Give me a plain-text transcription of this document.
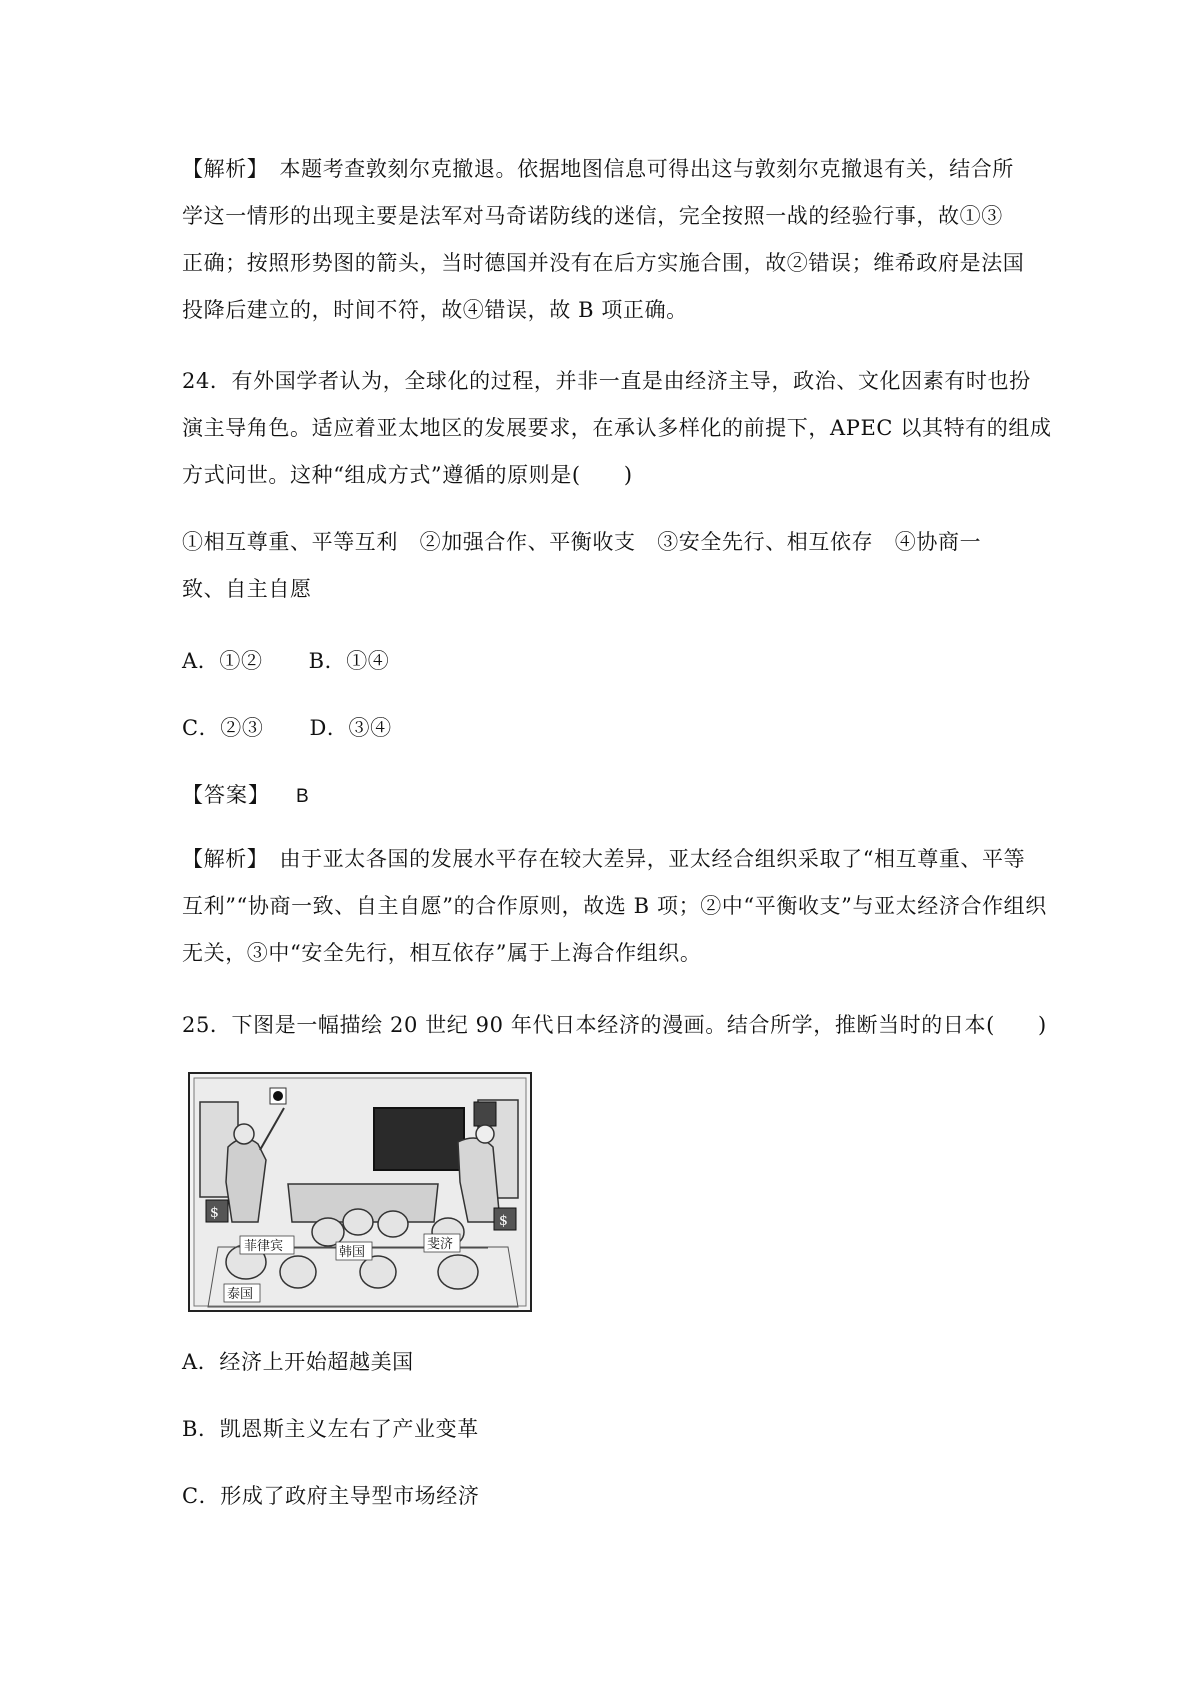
【解析】　本题考查敦刻尔克撤退。依据地图信息可得出这与敦刻尔克撤退有关，结合所
学这一情形的出现主要是法军对马奇诺防线的迷信，完全按照一战的经验行事，故①③
正确；按照形势图的箭头，当时德国并没有在后方实施合围，故②错误；维希政府是法国
投降后建立的，时间不符，故④错误，故 B 项正确。
24．有外国学者认为，全球化的过程，并非一直是由经济主导，政治、文化因素有时也扮
演主导角色。适应着亚太地区的发展要求，在承认多样化的前提下，APEC 以其特有的组成
方式问世。这种“组成方式”遵循的原则是(　　)
①相互尊重、平等互利　②加强合作、平衡收支　③安全先行、相互依存　④协商一
致、自主自愿
A．①② B．①④
C．②③ D．③④
【答案】 B
【解析】　由于亚太各国的发展水平存在较大差异，亚太经合组织采取了“相互尊重、平等
互利”“协商一致、自主自愿”的合作原则，故选 B 项；②中“平衡收支”与亚太经济合作组织
无关，③中“安全先行，相互依存”属于上海合作组织。
25．下图是一幅描绘 20 世纪 90 年代日本经济的漫画。结合所学，推断当时的日本(　　)
$	$
菲律宾	韩国
斐济
泰国
A．经济上开始超越美国
B．凯恩斯主义左右了产业变革
C．形成了政府主导型市场经济
